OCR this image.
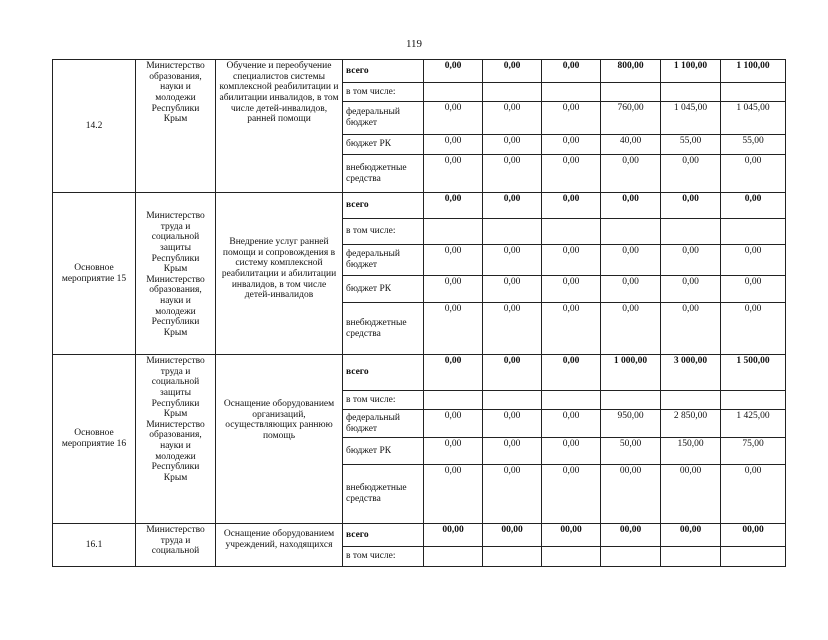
119
14.2	Министерство образования, науки и молодежи Республики Крым	Обучение и переобучение специалистов системы комплексной реабилитации и абилитации инвалидов, в том числе детей-инвалидов, ранней помощи	всего	0,00	0,00	0,00	800,00	1 100,00	1 100,00
			в том числе:						
			федеральный бюджет	0,00	0,00	0,00	760,00	1 045,00	1 045,00
			бюджет РК	0,00	0,00	0,00	40,00	55,00	55,00
			внебюджетные средства	0,00	0,00	0,00	0,00	0,00	0,00
Основное мероприятие 15	Министерство труда и социальной защиты Республики Крым Министерство образования, науки и молодежи Республики Крым	Внедрение услуг ранней помощи и сопровождения в систему комплексной реабилитации и абилитации инвалидов, в том числе детей-инвалидов	всего	0,00	0,00	0,00	0,00	0,00	0,00
			в том числе:						
			федеральный бюджет	0,00	0,00	0,00	0,00	0,00	0,00
			бюджет РК	0,00	0,00	0,00	0,00	0,00	0,00
			внебюджетные средства	0,00	0,00	0,00	0,00	0,00	0,00
Основное мероприятие 16	Министерство труда и социальной защиты Республики Крым Министерство образования, науки и молодежи Республики Крым	Оснащение оборудованием организаций, осуществляющих раннюю помощь	всего	0,00	0,00	0,00	1 000,00	3 000,00	1 500,00
			в том числе:						
			федеральный бюджет	0,00	0,00	0,00	950,00	2 850,00	1 425,00
			бюджет РК	0,00	0,00	0,00	50,00	150,00	75,00
			внебюджетные средства	0,00	0,00	0,00	00,00	00,00	0,00
16.1	Министерство труда и социальной	Оснащение оборудованием учреждений, находящихся	всего	00,00	00,00	00,00	00,00	00,00	00,00
			в том числе:						
